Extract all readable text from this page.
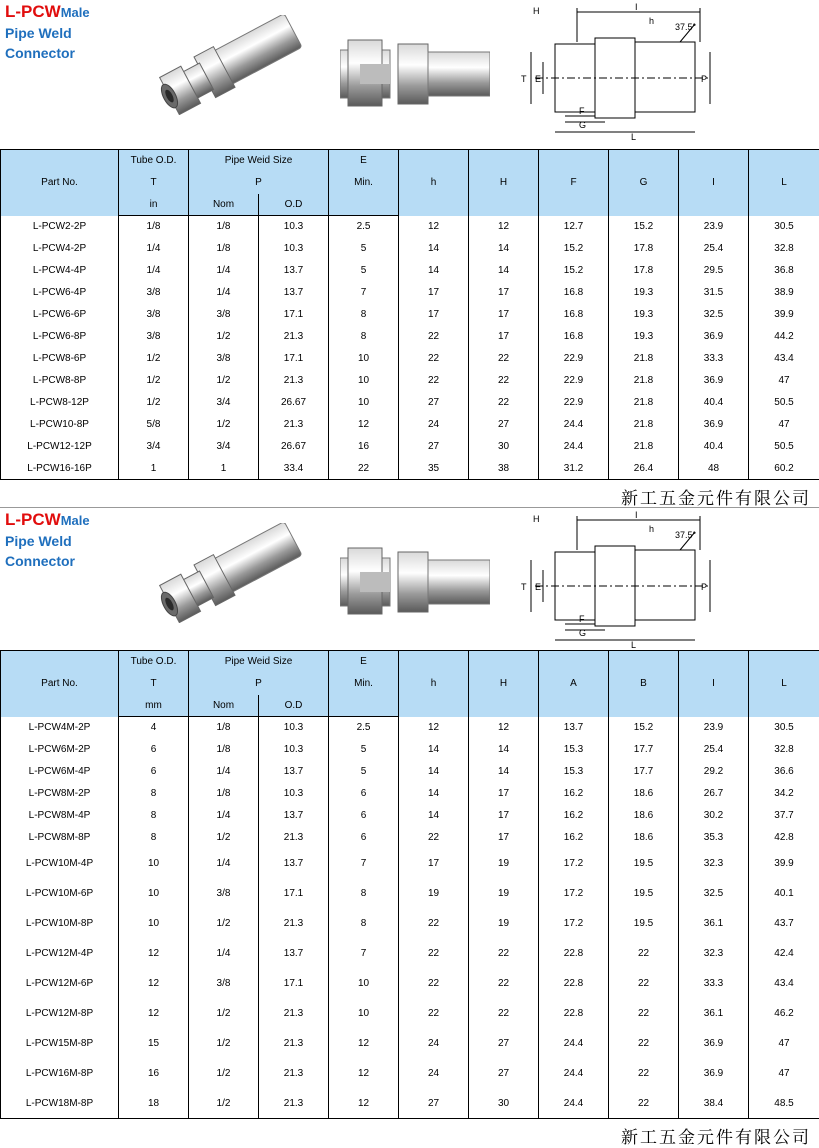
L-PCWMale
Pipe Weld
Connector
H	I
h
37.5°
T E	P
F
G
L
Part No.	Tube O.D.	Pipe Weid Size		E	h	H	F	G	I	L
	T	P		Min.						
	in	Nom	O.D							
L-PCW2-2P	1/8	1/8	10.3	2.5	12	12	12.7	15.2	23.9	30.5
L-PCW4-2P	1/4	1/8	10.3	5	14	14	15.2	17.8	25.4	32.8
L-PCW4-4P	1/4	1/4	13.7	5	14	14	15.2	17.8	29.5	36.8
L-PCW6-4P	3/8	1/4	13.7	7	17	17	16.8	19.3	31.5	38.9
L-PCW6-6P	3/8	3/8	17.1	8	17	17	16.8	19.3	32.5	39.9
L-PCW6-8P	3/8	1/2	21.3	8	22	17	16.8	19.3	36.9	44.2
L-PCW8-6P	1/2	3/8	17.1	10	22	22	22.9	21.8	33.3	43.4
L-PCW8-8P	1/2	1/2	21.3	10	22	22	22.9	21.8	36.9	47
L-PCW8-12P	1/2	3/4	26.67	10	27	22	22.9	21.8	40.4	50.5
L-PCW10-8P	5/8	1/2	21.3	12	24	27	24.4	21.8	36.9	47
L-PCW12-12P	3/4	3/4	26.67	16	27	30	24.4	21.8	40.4	50.5
L-PCW16-16P	1	1	33.4	22	35	38	31.2	26.4	48	60.2
新工五金元件有限公司
L-PCWMale
Pipe Weld
Connector
H	I
h
37.5°
T E	P
F
G
L
Part No.	Tube O.D.	Pipe Weid Size		E	h	H	A	B	I	L
	T	P		Min.						
	mm	Nom	O.D							
L-PCW4M-2P	4	1/8	10.3	2.5	12	12	13.7	15.2	23.9	30.5
L-PCW6M-2P	6	1/8	10.3	5	14	14	15.3	17.7	25.4	32.8
L-PCW6M-4P	6	1/4	13.7	5	14	14	15.3	17.7	29.2	36.6
L-PCW8M-2P	8	1/8	10.3	6	14	17	16.2	18.6	26.7	34.2
L-PCW8M-4P	8	1/4	13.7	6	14	17	16.2	18.6	30.2	37.7
L-PCW8M-8P	8	1/2	21.3	6	22	17	16.2	18.6	35.3	42.8
L-PCW10M-4P	10	1/4	13.7	7	17	19	17.2	19.5	32.3	39.9
L-PCW10M-6P	10	3/8	17.1	8	19	19	17.2	19.5	32.5	40.1
L-PCW10M-8P	10	1/2	21.3	8	22	19	17.2	19.5	36.1	43.7
L-PCW12M-4P	12	1/4	13.7	7	22	22	22.8	22	32.3	42.4
L-PCW12M-6P	12	3/8	17.1	10	22	22	22.8	22	33.3	43.4
L-PCW12M-8P	12	1/2	21.3	10	22	22	22.8	22	36.1	46.2
L-PCW15M-8P	15	1/2	21.3	12	24	27	24.4	22	36.9	47
L-PCW16M-8P	16	1/2	21.3	12	24	27	24.4	22	36.9	47
L-PCW18M-8P	18	1/2	21.3	12	27	30	24.4	22	38.4	48.5
新工五金元件有限公司
